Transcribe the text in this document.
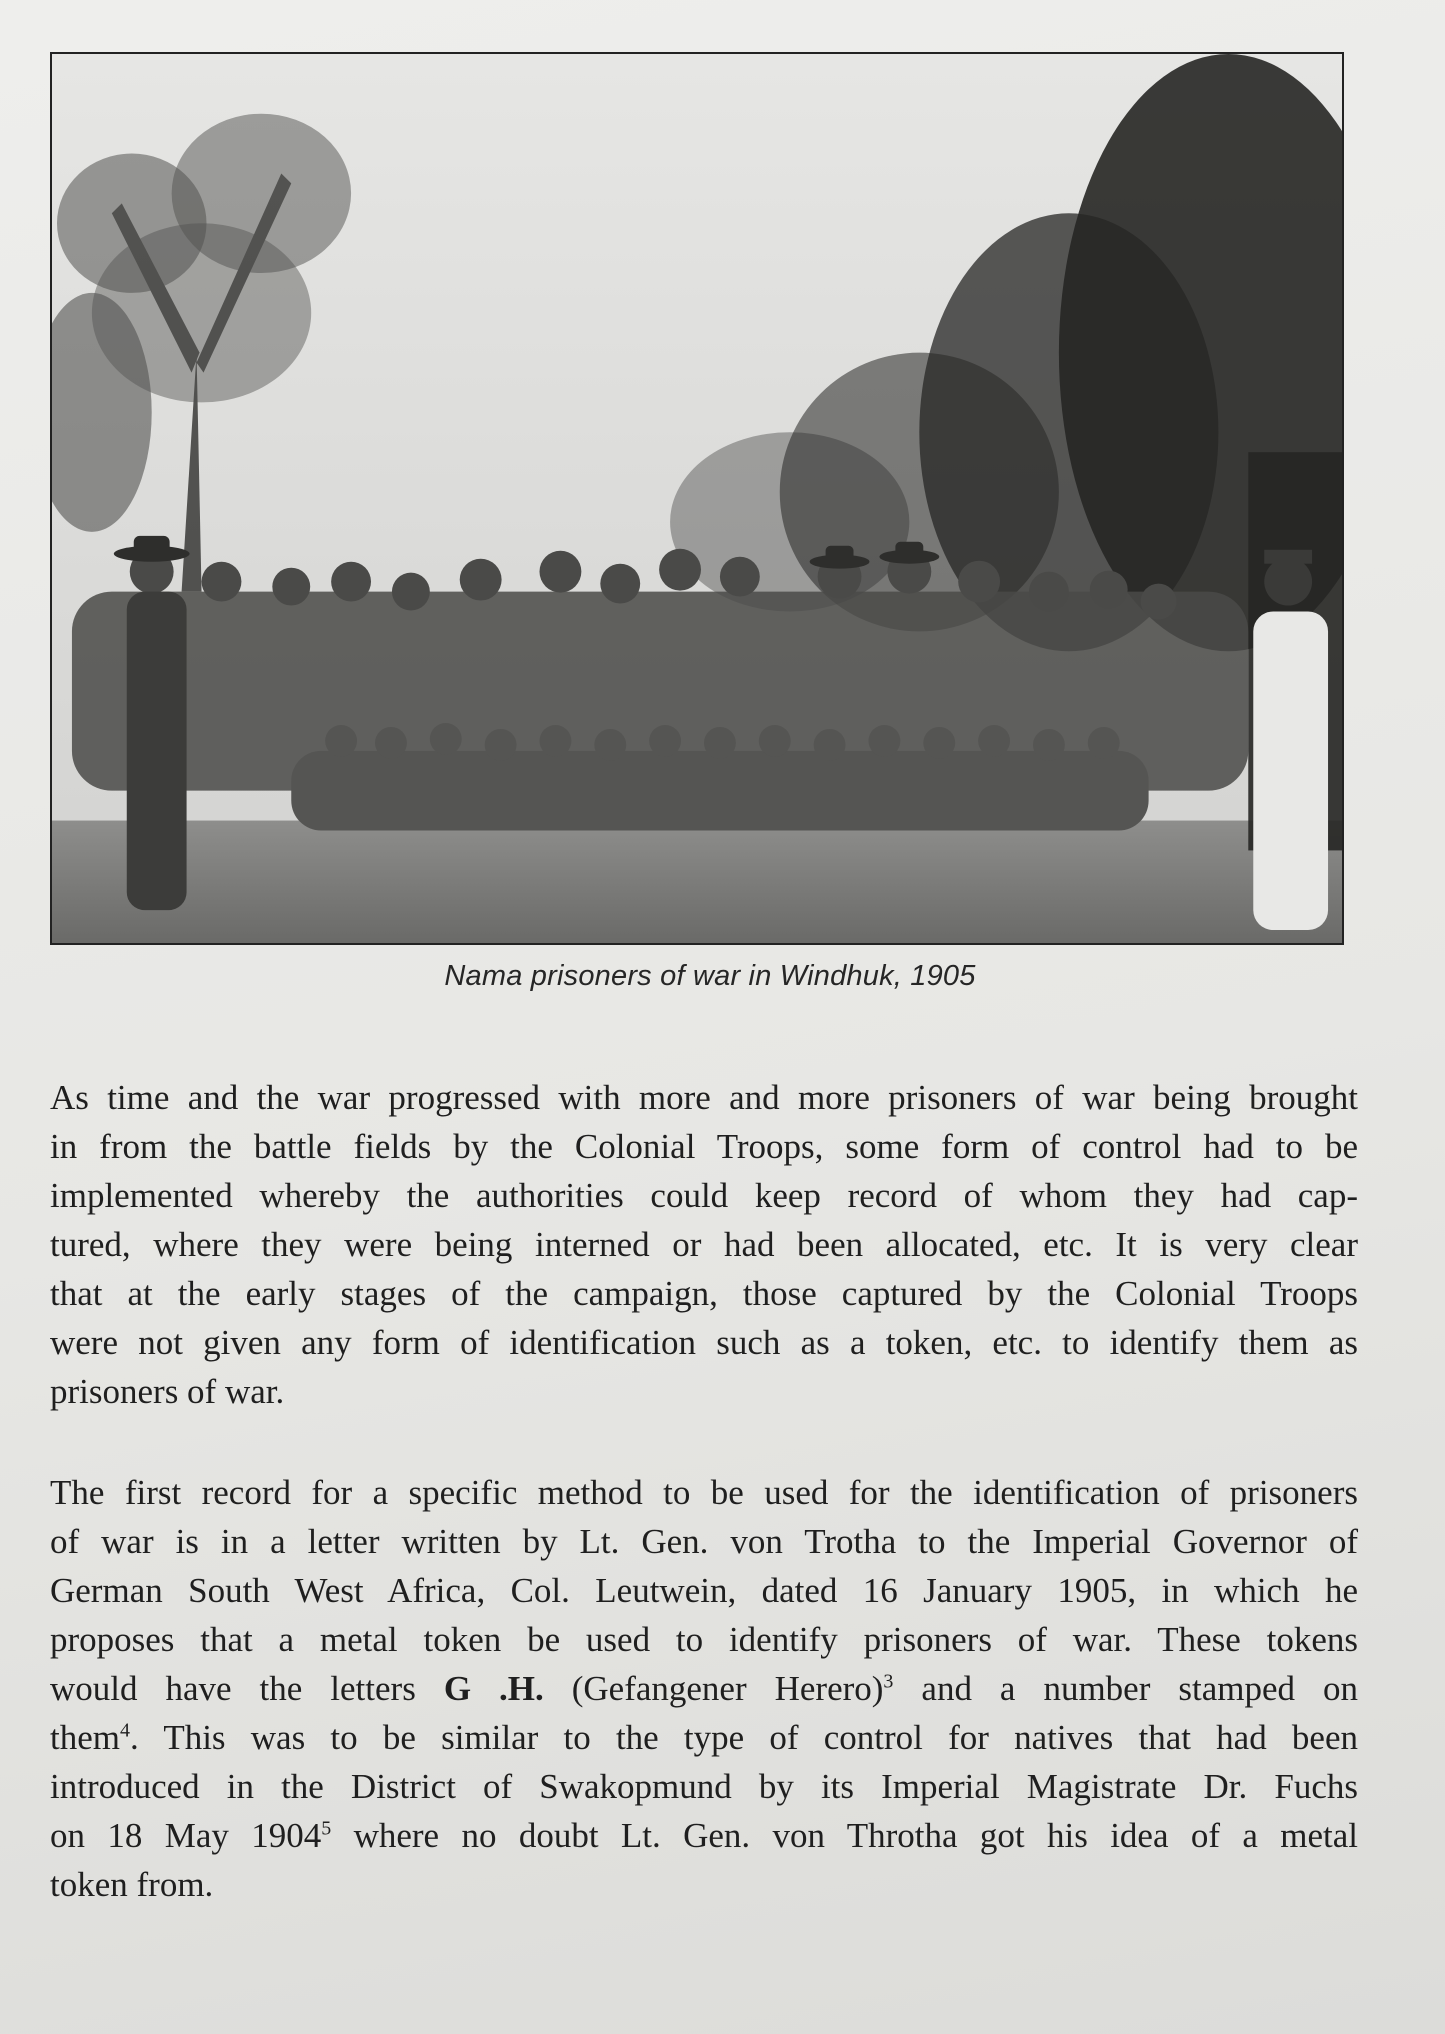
Nama prisoners of war in Windhuk, 1905
As time and the war progressed with more and more prisoners of war being brought
in from the battle fields by the Colonial Troops, some form of control had to be
implemented whereby the authorities could keep record of whom they had cap-
tured, where they were being interned or had been allocated, etc. It is very clear
that at the early stages of the campaign, those captured by the Colonial Troops
were not given any form of identification such as a token, etc. to identify them as
prisoners of war.
The first record for a specific method to be used for the identification of prisoners
of war is in a letter written by Lt. Gen. von Trotha to the Imperial Governor of
German South West Africa, Col. Leutwein, dated 16 January 1905, in which he
proposes that a metal token be used to identify prisoners of war. These tokens
would have the letters G .H. (Gefangener Herero)$^3$ and a number stamped on
them$^4$. This was to be similar to the type of control for natives that had been
introduced in the District of Swakopmund by its Imperial Magistrate Dr. Fuchs
on 18 May 1904$^5$ where no doubt Lt. Gen. von Throtha got his idea of a metal
token from.
